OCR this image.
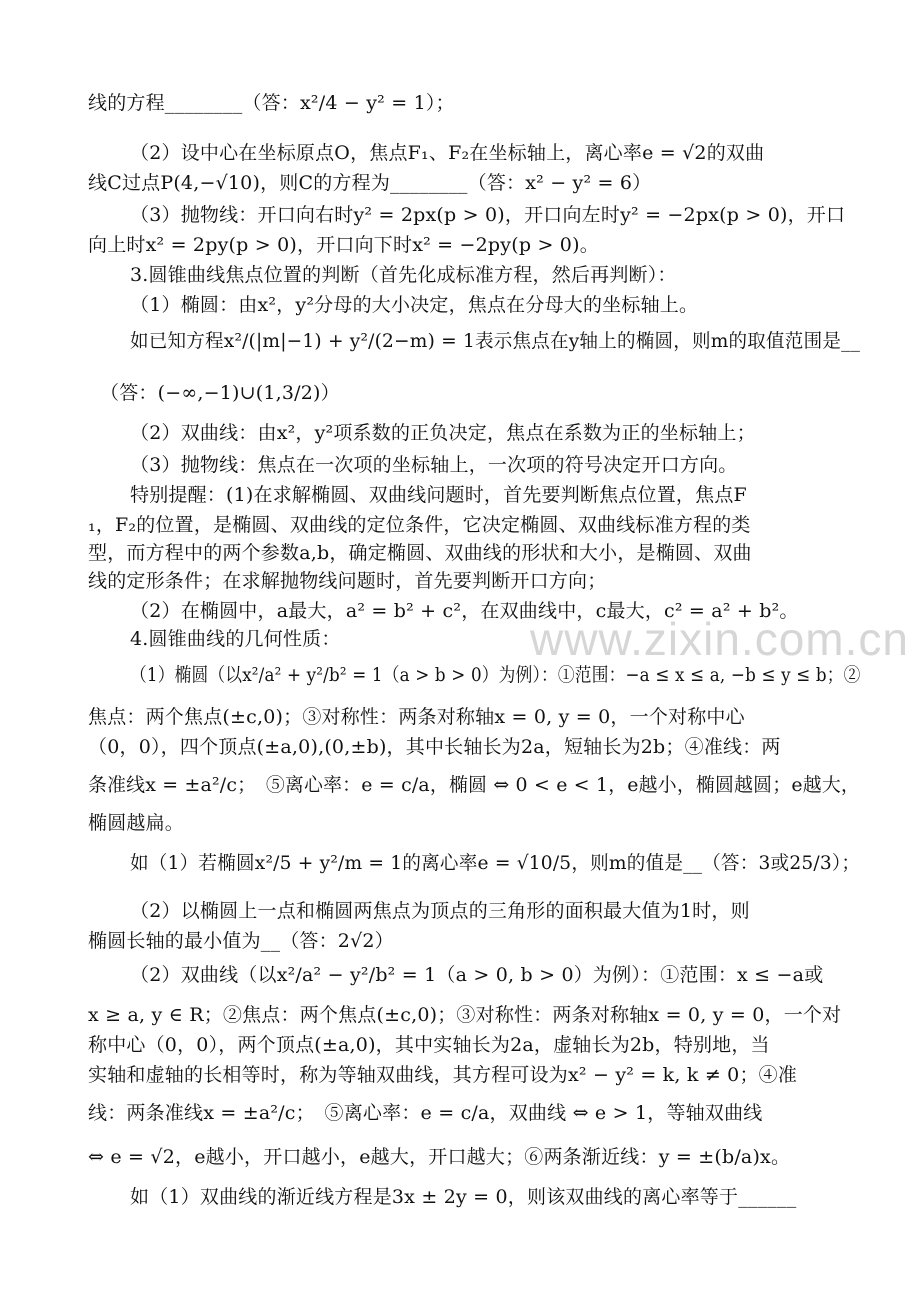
www.zixin.com.cn
线的方程________（答：x²/4 − y² = 1）；
（2）设中心在坐标原点O，焦点F₁、F₂在坐标轴上，离心率e = √2的双曲
线C过点P(4,−√10)，则C的方程为________（答：x² − y² = 6）
（3）抛物线：开口向右时y² = 2px(p > 0)，开口向左时y² = −2px(p > 0)，开口
向上时x² = 2py(p > 0)，开口向下时x² = −2py(p > 0)。
3.圆锥曲线焦点位置的判断（首先化成标准方程，然后再判断）：
（1）椭圆：由x²，y²分母的大小决定，焦点在分母大的坐标轴上。
如已知方程x²/(|m|−1) + y²/(2−m) = 1表示焦点在y轴上的椭圆，则m的取值范围是__
（答：(−∞,−1)∪(1,3/2)）
（2）双曲线：由x²，y²项系数的正负决定，焦点在系数为正的坐标轴上；
（3）抛物线：焦点在一次项的坐标轴上，一次项的符号决定开口方向。
特别提醒：(1)在求解椭圆、双曲线问题时，首先要判断焦点位置，焦点F
₁，F₂的位置，是椭圆、双曲线的定位条件，它决定椭圆、双曲线标准方程的类
型，而方程中的两个参数a,b，确定椭圆、双曲线的形状和大小，是椭圆、双曲
线的定形条件；在求解抛物线问题时，首先要判断开口方向；
（2）在椭圆中，a最大，a² = b² + c²，在双曲线中，c最大，c² = a² + b²。
4.圆锥曲线的几何性质：
（1）椭圆（以x²/a² + y²/b² = 1（a > b > 0）为例）：①范围：−a ≤ x ≤ a, −b ≤ y ≤ b；②
焦点：两个焦点(±c,0)；③对称性：两条对称轴x = 0, y = 0，一个对称中心
（0，0），四个顶点(±a,0),(0,±b)，其中长轴长为2a，短轴长为2b；④准线：两
条准线x = ±a²/c；　⑤离心率：e = c/a，椭圆 ⇔ 0 < e < 1，e越小，椭圆越圆；e越大，
椭圆越扁。
如（1）若椭圆x²/5 + y²/m = 1的离心率e = √10/5，则m的值是__（答：3或25/3）；
（2）以椭圆上一点和椭圆两焦点为顶点的三角形的面积最大值为1时，则
椭圆长轴的最小值为__（答：2√2）
（2）双曲线（以x²/a² − y²/b² = 1（a > 0, b > 0）为例）：①范围：x ≤ −a或
x ≥ a, y ∈ R；②焦点：两个焦点(±c,0)；③对称性：两条对称轴x = 0, y = 0，一个对
称中心（0，0），两个顶点(±a,0)，其中实轴长为2a，虚轴长为2b，特别地，当
实轴和虚轴的长相等时，称为等轴双曲线，其方程可设为x² − y² = k, k ≠ 0；④准
线：两条准线x = ±a²/c；　⑤离心率：e = c/a，双曲线 ⇔ e > 1，等轴双曲线
⇔ e = √2，e越小，开口越小，e越大，开口越大；⑥两条渐近线：y = ±(b/a)x。
如（1）双曲线的渐近线方程是3x ± 2y = 0，则该双曲线的离心率等于______
